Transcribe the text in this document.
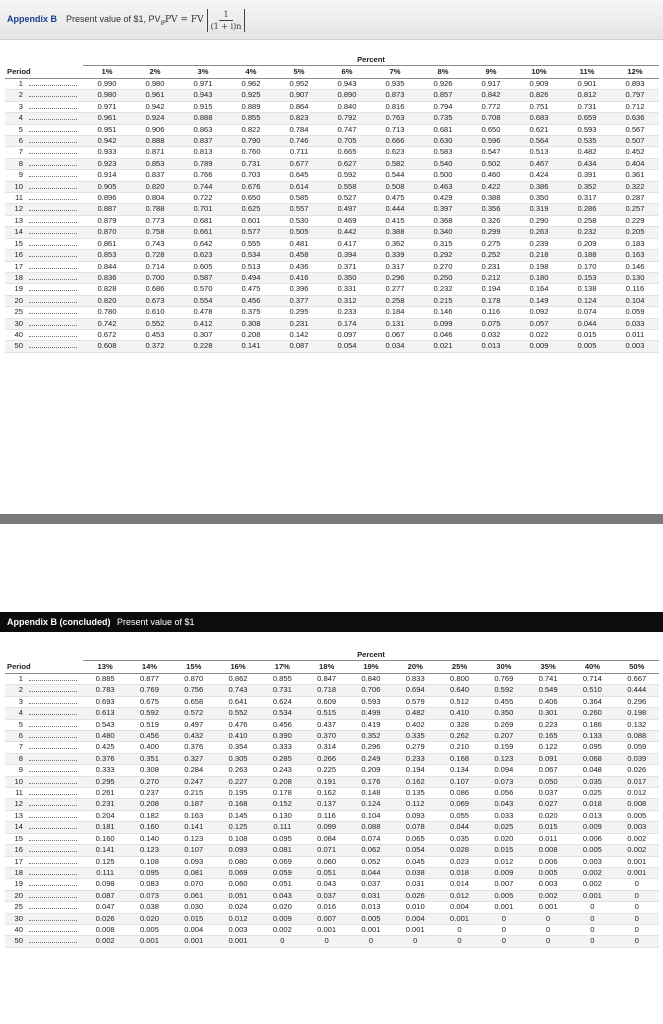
Appendix B Present value of $1, $PV_{IF}$ PV = FV $\frac{1}{(1 + i)n}$
	Percent											
Period	1%	2%	3%	4%	5%	6%	7%	8%	9%	10%	11%	12%

1	0.990	0.980	0.971	0.962	0.952	0.943	0.935	0.926	0.917	0.909	0.901	0.893

2	0.980	0.961	0.943	0.925	0.907	0.890	0.873	0.857	0.842	0.826	0.812	0.797

3	0.971	0.942	0.915	0.889	0.864	0.840	0.816	0.794	0.772	0.751	0.731	0.712

4	0.961	0.924	0.888	0.855	0.823	0.792	0.763	0.735	0.708	0.683	0.659	0.636

5	0.951	0.906	0.863	0.822	0.784	0.747	0.713	0.681	0.650	0.621	0.593	0.567

6	0.942	0.888	0.837	0.790	0.746	0.705	0.666	0.630	0.596	0.564	0.535	0.507

7	0.933	0.871	0.813	0.760	0.711	0.665	0.623	0.583	0.547	0.513	0.482	0.452

8	0.923	0.853	0.789	0.731	0.677	0.627	0.582	0.540	0.502	0.467	0.434	0.404

9	0.914	0.837	0.766	0.703	0.645	0.592	0.544	0.500	0.460	0.424	0.391	0.361

10	0.905	0.820	0.744	0.676	0.614	0.558	0.508	0.463	0.422	0.386	0.352	0.322

11	0.896	0.804	0.722	0.650	0.585	0.527	0.475	0.429	0.388	0.350	0.317	0.287

12	0.887	0.788	0.701	0.625	0.557	0.497	0.444	0.397	0.356	0.319	0.286	0.257

13	0.879	0.773	0.681	0.601	0.530	0.469	0.415	0.368	0.326	0.290	0.258	0.229

14	0.870	0.758	0.661	0.577	0.505	0.442	0.388	0.340	0.299	0.263	0.232	0.205

15	0.861	0.743	0.642	0.555	0.481	0.417	0.362	0.315	0.275	0.239	0.209	0.183

16	0.853	0.728	0.623	0.534	0.458	0.394	0.339	0.292	0.252	0.218	0.188	0.163

17	0.844	0.714	0.605	0.513	0.436	0.371	0.317	0.270	0.231	0.198	0.170	0.146

18	0.836	0.700	0.587	0.494	0.416	0.350	0.296	0.250	0.212	0.180	0.153	0.130

19	0.828	0.686	0.570	0.475	0.396	0.331	0.277	0.232	0.194	0.164	0.138	0.116

20	0.820	0.673	0.554	0.456	0.377	0.312	0.258	0.215	0.178	0.149	0.124	0.104

25	0.780	0.610	0.478	0.375	0.295	0.233	0.184	0.146	0.116	0.092	0.074	0.059

30	0.742	0.552	0.412	0.308	0.231	0.174	0.131	0.099	0.075	0.057	0.044	0.033

40	0.672	0.453	0.307	0.208	0.142	0.097	0.067	0.046	0.032	0.022	0.015	0.011

50	0.608	0.372	0.228	0.141	0.087	0.054	0.034	0.021	0.013	0.009	0.005	0.003
Appendix B (concluded) Present value of $1
	Percent												
Period	13%	14%	15%	16%	17%	18%	19%	20%	25%	30%	35%	40%	50%

1	0.885	0.877	0.870	0.862	0.855	0.847	0.840	0.833	0.800	0.769	0.741	0.714	0.667

2	0.783	0.769	0.756	0.743	0.731	0.718	0.706	0.694	0.640	0.592	0.549	0.510	0.444

3	0.693	0.675	0.658	0.641	0.624	0.609	0.593	0.579	0.512	0.455	0.406	0.364	0.296

4	0.613	0.592	0.572	0.552	0.534	0.515	0.499	0.482	0.410	0.350	0.301	0.260	0.198

5	0.543	0.519	0.497	0.476	0.456	0.437	0.419	0.402	0.328	0.269	0.223	0.186	0.132

6	0.480	0.456	0.432	0.410	0.390	0.370	0.352	0.335	0.262	0.207	0.165	0.133	0.088

7	0.425	0.400	0.376	0.354	0.333	0.314	0.296	0.279	0.210	0.159	0.122	0.095	0.059

8	0.376	0.351	0.327	0.305	0.285	0.266	0.249	0.233	0.168	0.123	0.091	0.068	0.039

9	0.333	0.308	0.284	0.263	0.243	0.225	0.209	0.194	0.134	0.094	0.067	0.048	0.026

10	0.295	0.270	0.247	0.227	0.208	0.191	0.176	0.162	0.107	0.073	0.050	0.035	0.017

11	0.261	0.237	0.215	0.195	0.178	0.162	0.148	0.135	0.086	0.056	0.037	0.025	0.012

12	0.231	0.208	0.187	0.168	0.152	0.137	0.124	0.112	0.069	0.043	0.027	0.018	0.008

13	0.204	0.182	0.163	0.145	0.130	0.116	0.104	0.093	0.055	0.033	0.020	0.013	0.005

14	0.181	0.160	0.141	0.125	0.111	0.099	0.088	0.078	0.044	0.025	0.015	0.009	0.003

15	0.160	0.140	0.123	0.108	0.095	0.084	0.074	0.065	0.035	0.020	0.011	0.006	0.002

16	0.141	0.123	0.107	0.093	0.081	0.071	0.062	0.054	0.028	0.015	0.008	0.005	0.002

17	0.125	0.108	0.093	0.080	0.069	0.060	0.052	0.045	0.023	0.012	0.006	0.003	0.001

18	0.111	0.095	0.081	0.069	0.059	0.051	0.044	0.038	0.018	0.009	0.005	0.002	0.001

19	0.098	0.083	0.070	0.060	0.051	0.043	0.037	0.031	0.014	0.007	0.003	0.002	0

20	0.087	0.073	0.061	0.051	0.043	0.037	0.031	0.026	0.012	0.005	0.002	0.001	0

25	0.047	0.038	0.030	0.024	0.020	0.016	0.013	0.010	0.004	0.001	0.001	0	0

30	0.026	0.020	0.015	0.012	0.009	0.007	0.005	0.004	0.001	0	0	0	0

40	0.008	0.005	0.004	0.003	0.002	0.001	0.001	0.001	0	0	0	0	0

50	0.002	0.001	0.001	0.001	0	0	0	0	0	0	0	0	0
